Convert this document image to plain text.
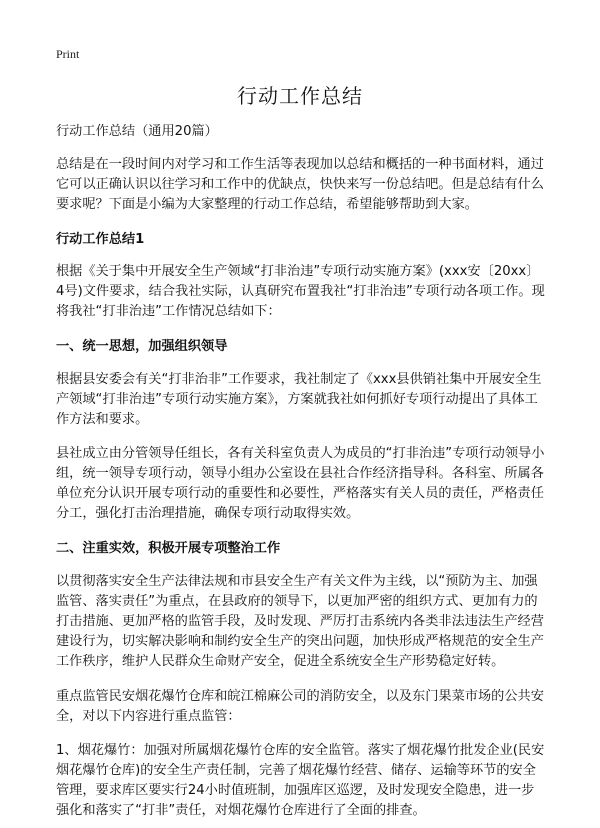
Print
行动工作总结

行动工作总结（通用20篇）

总结是在一段时间内对学习和工作生活等表现加以总结和概括的一种书面材料，通过它可以正确认识以往学习和工作中的优缺点，快快来写一份总结吧。但是总结有什么要求呢？下面是小编为大家整理的行动工作总结，希望能够帮助到大家。

行动工作总结1

根据《关于集中开展安全生产领域“打非治违”专项行动实施方案》(xxx安〔20xx〕4号)文件要求，结合我社实际，认真研究布置我社“打非治违”专项行动各项工作。现将我社“打非治违”工作情况总结如下：

一、统一思想，加强组织领导

根据县安委会有关“打非治非”工作要求，我社制定了《xxx县供销社集中开展安全生产领域“打非治违”专项行动实施方案》，方案就我社如何抓好专项行动提出了具体工作方法和要求。

县社成立由分管领导任组长，各有关科室负责人为成员的“打非治违”专项行动领导小组，统一领导专项行动，领导小组办公室设在县社合作经济指导科。各科室、所属各单位充分认识开展专项行动的重要性和必要性，严格落实有关人员的责任，严格责任分工，强化打击治理措施，确保专项行动取得实效。

二、注重实效，积极开展专项整治工作

以贯彻落实安全生产法律法规和市县安全生产有关文件为主线，以“预防为主、加强监管、落实责任”为重点，在县政府的领导下，以更加严密的组织方式、更加有力的打击措施、更加严格的监管手段，及时发现、严厉打击系统内各类非法违法生产经营建设行为，切实解决影响和制约安全生产的突出问题，加快形成严格规范的安全生产工作秩序，维护人民群众生命财产安全，促进全系统安全生产形势稳定好转。

重点监管民安烟花爆竹仓库和皖江棉麻公司的消防安全，以及东门果菜市场的公共安全，对以下内容进行重点监管：

1、烟花爆竹：加强对所属烟花爆竹仓库的安全监管。落实了烟花爆竹批发企业(民安烟花爆竹仓库)的安全生产责任制，完善了烟花爆竹经营、储存、运输等环节的安全管理，要求库区要实行24小时值班制，加强库区巡逻，及时发现安全隐患，进一步强化和落实了“打非”责任，对烟花爆竹仓库进行了全面的排查。
